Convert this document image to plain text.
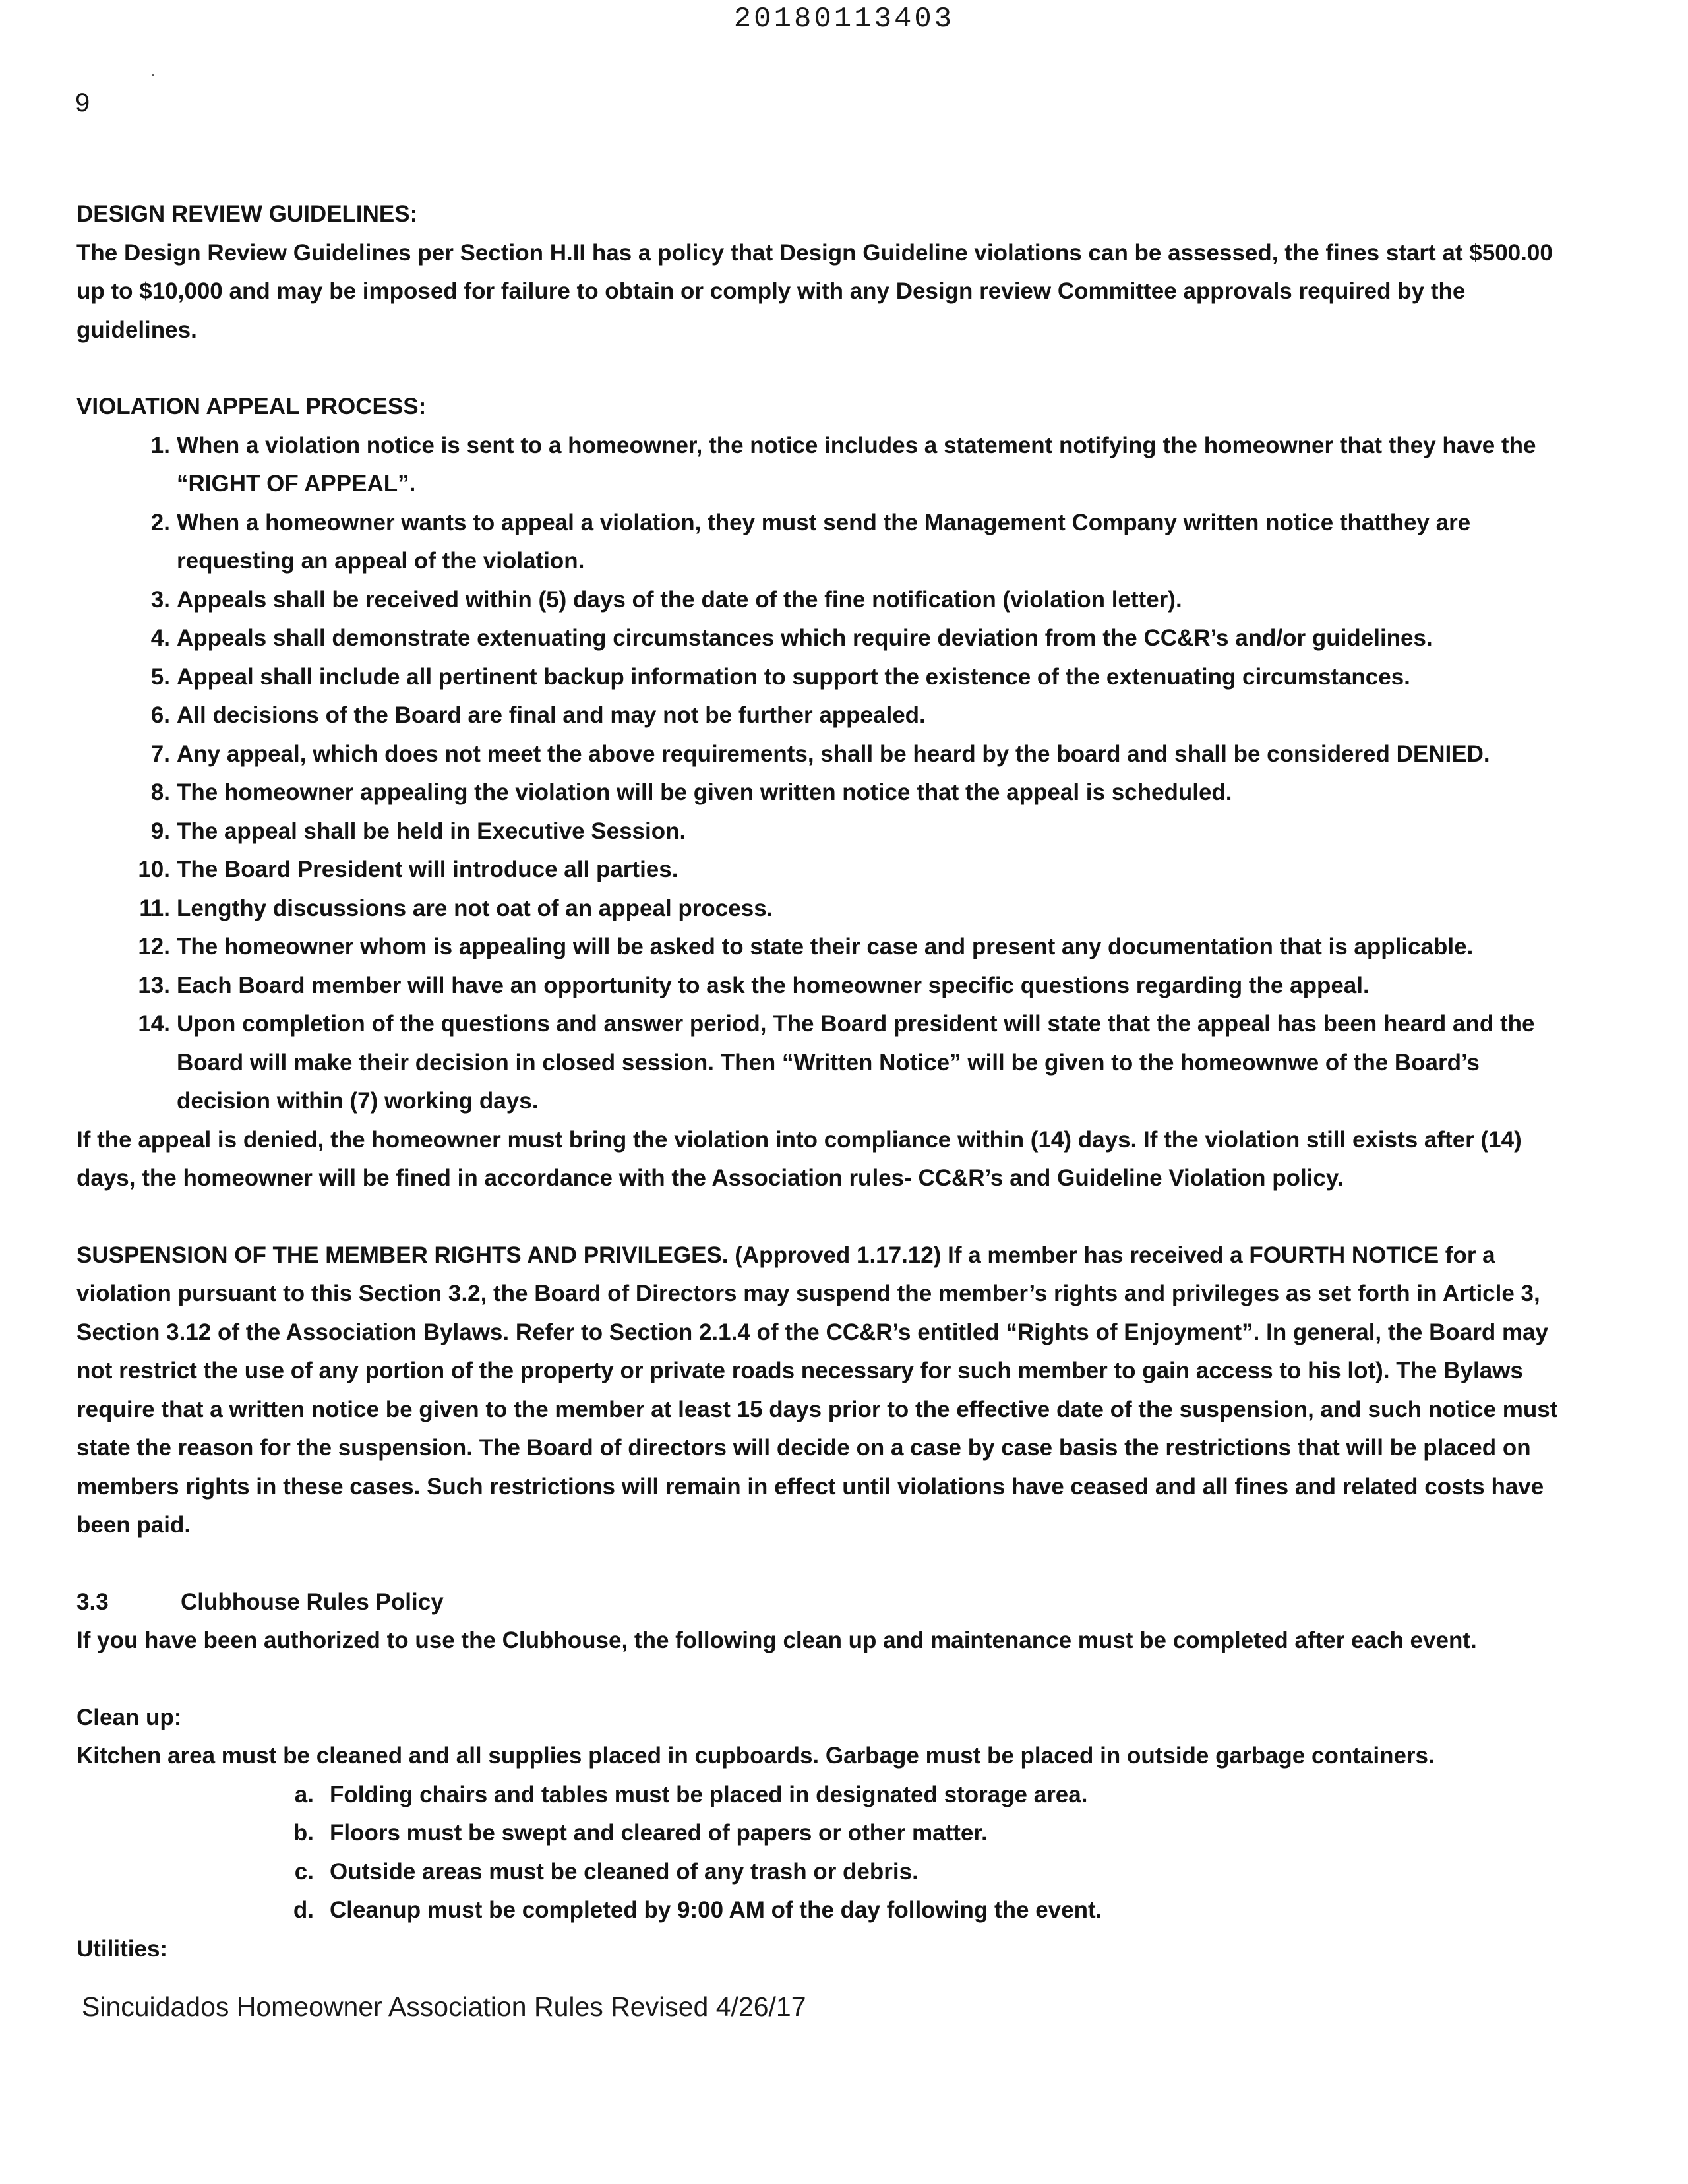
20180113403
9

DESIGN REVIEW GUIDELINES:

The Design Review Guidelines per Section H.II has a policy that Design Guideline violations can be assessed, the fines start at $500.00 up to $10,000 and may be imposed for failure to obtain or comply with any Design review Committee approvals required by the guidelines.

VIOLATION APPEAL PROCESS:

1. When a violation notice is sent to a homeowner, the notice includes a statement notifying the homeowner that they have the “RIGHT OF APPEAL”.
2. When a homeowner wants to appeal a violation, they must send the Management Company written notice thatthey are requesting an appeal of the violation.
3. Appeals shall be received within (5) days of the date of the fine notification (violation letter).
4. Appeals shall demonstrate extenuating circumstances which require deviation from the CC&R’s and/or guidelines.
5. Appeal shall include all pertinent backup information to support the existence of the extenuating circumstances.
6. All decisions of the Board are final and may not be further appealed.
7. Any appeal, which does not meet the above requirements, shall be heard by the board and shall be considered DENIED.
8. The homeowner appealing the violation will be given written notice that the appeal is scheduled.
9. The appeal shall be held in Executive Session.
10. The Board President will introduce all parties.
11. Lengthy discussions are not oat of an appeal process.
12. The homeowner whom is appealing will be asked to state their case and present any documentation that is applicable.
13. Each Board member will have an opportunity to ask the homeowner specific questions regarding the appeal.
14. Upon completion of the questions and answer period, The Board president will state that the appeal has been heard and the Board will make their decision in closed session. Then “Written Notice” will be given to the homeownwe of the Board’s decision within (7) working days.

If the appeal is denied, the homeowner must bring the violation into compliance within (14) days. If the violation still exists after (14) days, the homeowner will be fined in accordance with the Association rules- CC&R’s and Guideline Violation policy.

SUSPENSION OF THE MEMBER RIGHTS AND PRIVILEGES. (Approved 1.17.12) If a member has received a FOURTH NOTICE for a violation pursuant to this Section 3.2, the Board of Directors may suspend the member’s rights and privileges as set forth in Article 3, Section 3.12 of the Association Bylaws. Refer to Section 2.1.4 of the CC&R’s entitled “Rights of Enjoyment”. In general, the Board may not restrict the use of any portion of the property or private roads necessary for such member to gain access to his lot). The Bylaws require that a written notice be given to the member at least 15 days prior to the effective date of the suspension, and such notice must state the reason for the suspension. The Board of directors will decide on a case by case basis the restrictions that will be placed on members rights in these cases. Such restrictions will remain in effect until violations have ceased and all fines and related costs have been paid.

3.3	Clubhouse Rules Policy

If you have been authorized to use the Clubhouse, the following clean up and maintenance must be completed after each event.

Clean up:

Kitchen area must be cleaned and all supplies placed in cupboards. Garbage must be placed in outside garbage containers.

a. Folding chairs and tables must be placed in designated storage area.
b. Floors must be swept and cleared of papers or other matter.
c. Outside areas must be cleaned of any trash or debris.
d. Cleanup must be completed by 9:00 AM of the day following the event.

Utilities:

Sincuidados Homeowner Association Rules Revised 4/26/17
